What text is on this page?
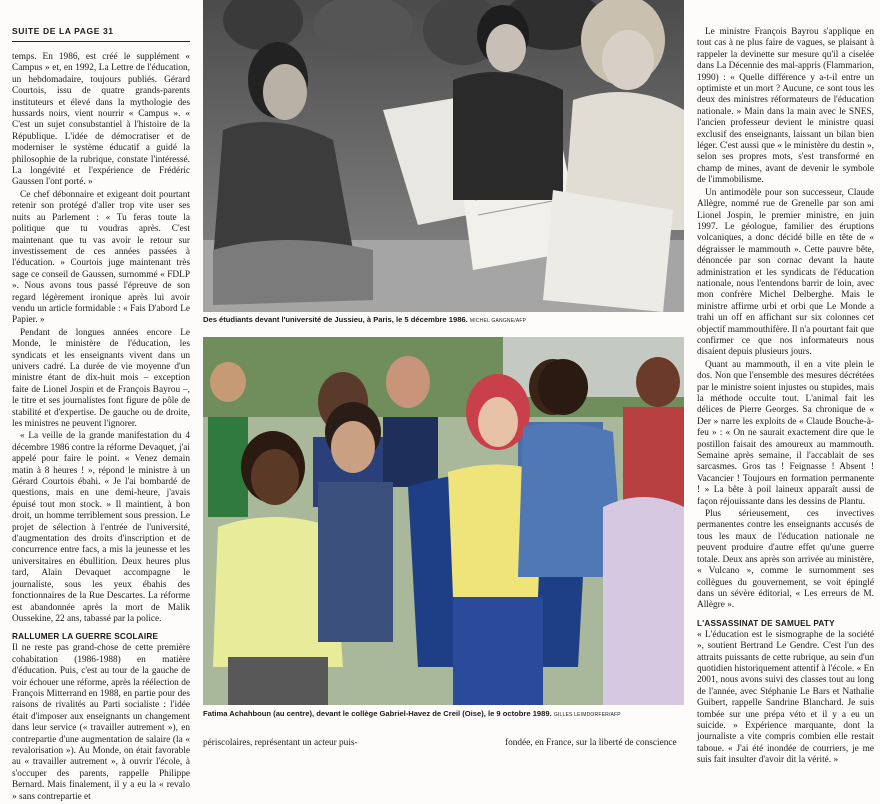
SUITE DE LA PAGE 31

temps. En 1986, est créé le supplément « Campus » et, en 1992, La Lettre de l'éducation, un hebdomadaire, toujours publiés. Gérard Courtois, issu de quatre grands-parents instituteurs et élevé dans la mythologie des hussards noirs, vient nourrir « Campus ». « C'est un sujet consubstantiel à l'histoire de la République. L'idée de démocratiser et de moderniser le système éducatif a guidé la philosophie de la rubrique, constate l'intéressé. La longévité et l'expérience de Frédéric Gaussen l'ont porté. »

Ce chef débonnaire et exigeant doit pourtant retenir son protégé d'aller trop vite user ses nuits au Parlement : « Tu feras toute la politique que tu voudras après. C'est maintenant que tu vas avoir le retour sur investissement de ces années passées à l'éducation. » Courtois juge maintenant très sage ce conseil de Gaussen, surnommé « FDLP ». Nous avons tous passé l'épreuve de son regard légèrement ironique après lui avoir vendu un article formidable : « Fais D'abord Le Papier. »

Pendant de longues années encore Le Monde, le ministère de l'éducation, les syndicats et les enseignants vivent dans un univers cadré. La durée de vie moyenne d'un ministre étant de dix-huit mois – exception faite de Lionel Jospin et de François Bayrou –, le titre et ses journalistes font figure de pôle de stabilité et d'expertise. De gauche ou de droite, les ministres ne peuvent l'ignorer.

« La veille de la grande manifestation du 4 décembre 1986 contre la réforme Devaquet, j'ai appelé pour faire le point. « Venez demain matin à 8 heures ! », répond le ministre à un Gérard Courtois ébahi. « Je l'ai bombardé de questions, mais en une demi-heure, j'avais épuisé tout mon stock. » Il maintient, à bon droit, un homme terriblement sous pression. Le projet de sélection à l'entrée de l'université, d'augmentation des droits d'inscription et de concurrence entre facs, a mis la jeunesse et les universitaires en ébullition. Deux heures plus tard, Alain Devaquet accompagne le journaliste, sous les yeux ébahis des fonctionnaires de la Rue Descartes. La réforme est abandonnée après la mort de Malik Oussekine, 22 ans, tabassé par la police.

RALLUMER LA GUERRE SCOLAIRE

Il ne reste pas grand-chose de cette première cohabitation (1986-1988) en matière d'éducation. Puis, c'est au tour de la gauche de voir échouer une réforme, après la réélection de François Mitterrand en 1988, en partie pour des raisons de rivalités au Parti socialiste : l'idée était d'imposer aux enseignants un changement dans leur service (« travailler autrement »), en contrepartie d'une augmentation de salaire (la « revalorisation »). Au Monde, on était favorable au « travailler autrement », à ouvrir l'école, à s'occuper des parents, rappelle Philippe Bernard. Mais finalement, il y a eu la « revalo » sans contrepartie et

Des étudiants devant l'université de Jussieu, à Paris, le 5 décembre 1986. MICHEL GANGNE/AFP
Fatima Achahboun (au centre), devant le collège Gabriel-Havez de Creil (Oise), le 9 octobre 1989. GILLES LEIMDORFER/AFP
périscolaires, représentant un acteur puis-	fondée, en France, sur la liberté de conscience

Le ministre François Bayrou s'applique en tout cas à ne plus faire de vagues, se plaisant à rappeler la devinette sur mesure qu'il a ciselée dans La Décennie des mal-appris (Flammarion, 1990) : « Quelle différence y a-t-il entre un optimiste et un mort ? Aucune, ce sont tous les deux des ministres réformateurs de l'éducation nationale. » Main dans la main avec le SNES, l'ancien professeur devient le ministre quasi exclusif des enseignants, laissant un bilan bien léger. C'est aussi que « le ministère du destin », selon ses propres mots, s'est transformé en champ de mines, avant de devenir le symbole de l'immobilisme.

Un antimodèle pour son successeur, Claude Allègre, nommé rue de Grenelle par son ami Lionel Jospin, le premier ministre, en juin 1997. Le géologue, familier des éruptions volcaniques, a donc décidé bille en tête de « dégraisser le mammouth ». Cette pauvre bête, dénoncée par son cornac devant la haute administration et les syndicats de l'éducation nationale, nous l'entendons barrir de loin, avec mon confrère Michel Delberghe. Mais le ministre affirme urbi et orbi que Le Monde a trahi un off en affichant sur six colonnes cet objectif mammouthifère. Il n'a pourtant fait que confirmer ce que nos informateurs nous disaient depuis plusieurs jours.

Quant au mammouth, il en a vite plein le dos. Non que l'ensemble des mesures décrétées par le ministre soient injustes ou stupides, mais la méthode occulte tout. L'animal fait les délices de Pierre Georges. Sa chronique de « Der » narre les exploits de « Claude Bouche-à-feu » : « On ne saurait exactement dire que le postillon faisait des amoureux au mammouth. Semaine après semaine, il l'accablait de ses sarcasmes. Gros tas ! Feignasse ! Absent ! Vacancier ! Toujours en formation permanente ! » La bête à poil laineux apparaît aussi de façon réjouissante dans les dessins de Plantu.

Plus sérieusement, ces invectives permanentes contre les enseignants accusés de tous les maux de l'éducation nationale ne peuvent produire d'autre effet qu'une guerre totale. Deux ans après son arrivée au ministère, « Vulcano », comme le surnomment ses collègues du gouvernement, se voit épinglé dans un sévère éditorial, « Les erreurs de M. Allègre ».

L'ASSASSINAT DE SAMUEL PATY

« L'éducation est le sismographe de la société », soutient Bertrand Le Gendre. C'est l'un des attraits puissants de cette rubrique, au sein d'un quotidien historiquement attentif à l'école. « En 2001, nous avons suivi des classes tout au long de l'année, avec Stéphanie Le Bars et Nathalie Guibert, rappelle Sandrine Blanchard. Je suis tombée sur une prépa véto et il y a eu un suicide. » Expérience marquante, dont la journaliste a vite compris combien elle restait taboue. « J'ai été inondée de courriers, je me suis fait insulter d'avoir dit la vérité. »
